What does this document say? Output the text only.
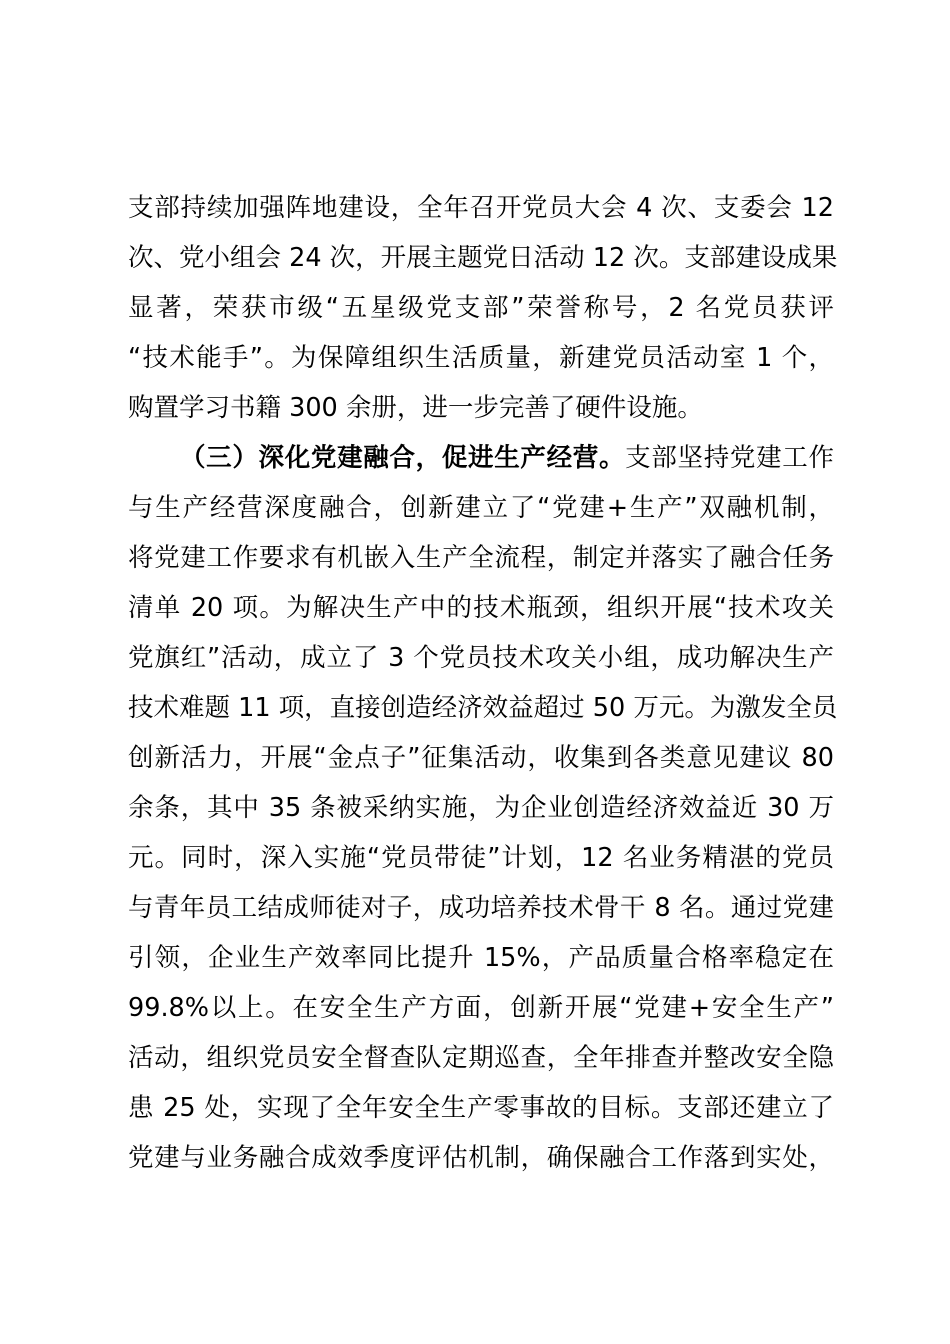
支部持续加强阵地建设，全年召开党员大会 4 次、支委会 12
次、党小组会 24 次，开展主题党日活动 12 次。支部建设成果
显著，荣获市级“五星级党支部”荣誉称号，2 名党员获评
“技术能手”。为保障组织生活质量，新建党员活动室 1 个，
购置学习书籍 300 余册，进一步完善了硬件设施。
（三）深化党建融合，促进生产经营。支部坚持党建工作
与生产经营深度融合，创新建立了“党建+生产”双融机制，
将党建工作要求有机嵌入生产全流程，制定并落实了融合任务
清单 20 项。为解决生产中的技术瓶颈，组织开展“技术攻关
党旗红”活动，成立了 3 个党员技术攻关小组，成功解决生产
技术难题 11 项，直接创造经济效益超过 50 万元。为激发全员
创新活力，开展“金点子”征集活动，收集到各类意见建议 80
余条，其中 35 条被采纳实施，为企业创造经济效益近 30 万
元。同时，深入实施“党员带徒”计划，12 名业务精湛的党员
与青年员工结成师徒对子，成功培养技术骨干 8 名。通过党建
引领，企业生产效率同比提升 15%，产品质量合格率稳定在
99.8%以上。在安全生产方面，创新开展“党建+安全生产”
活动，组织党员安全督查队定期巡查，全年排查并整改安全隐
患 25 处，实现了全年安全生产零事故的目标。支部还建立了
党建与业务融合成效季度评估机制，确保融合工作落到实处，
